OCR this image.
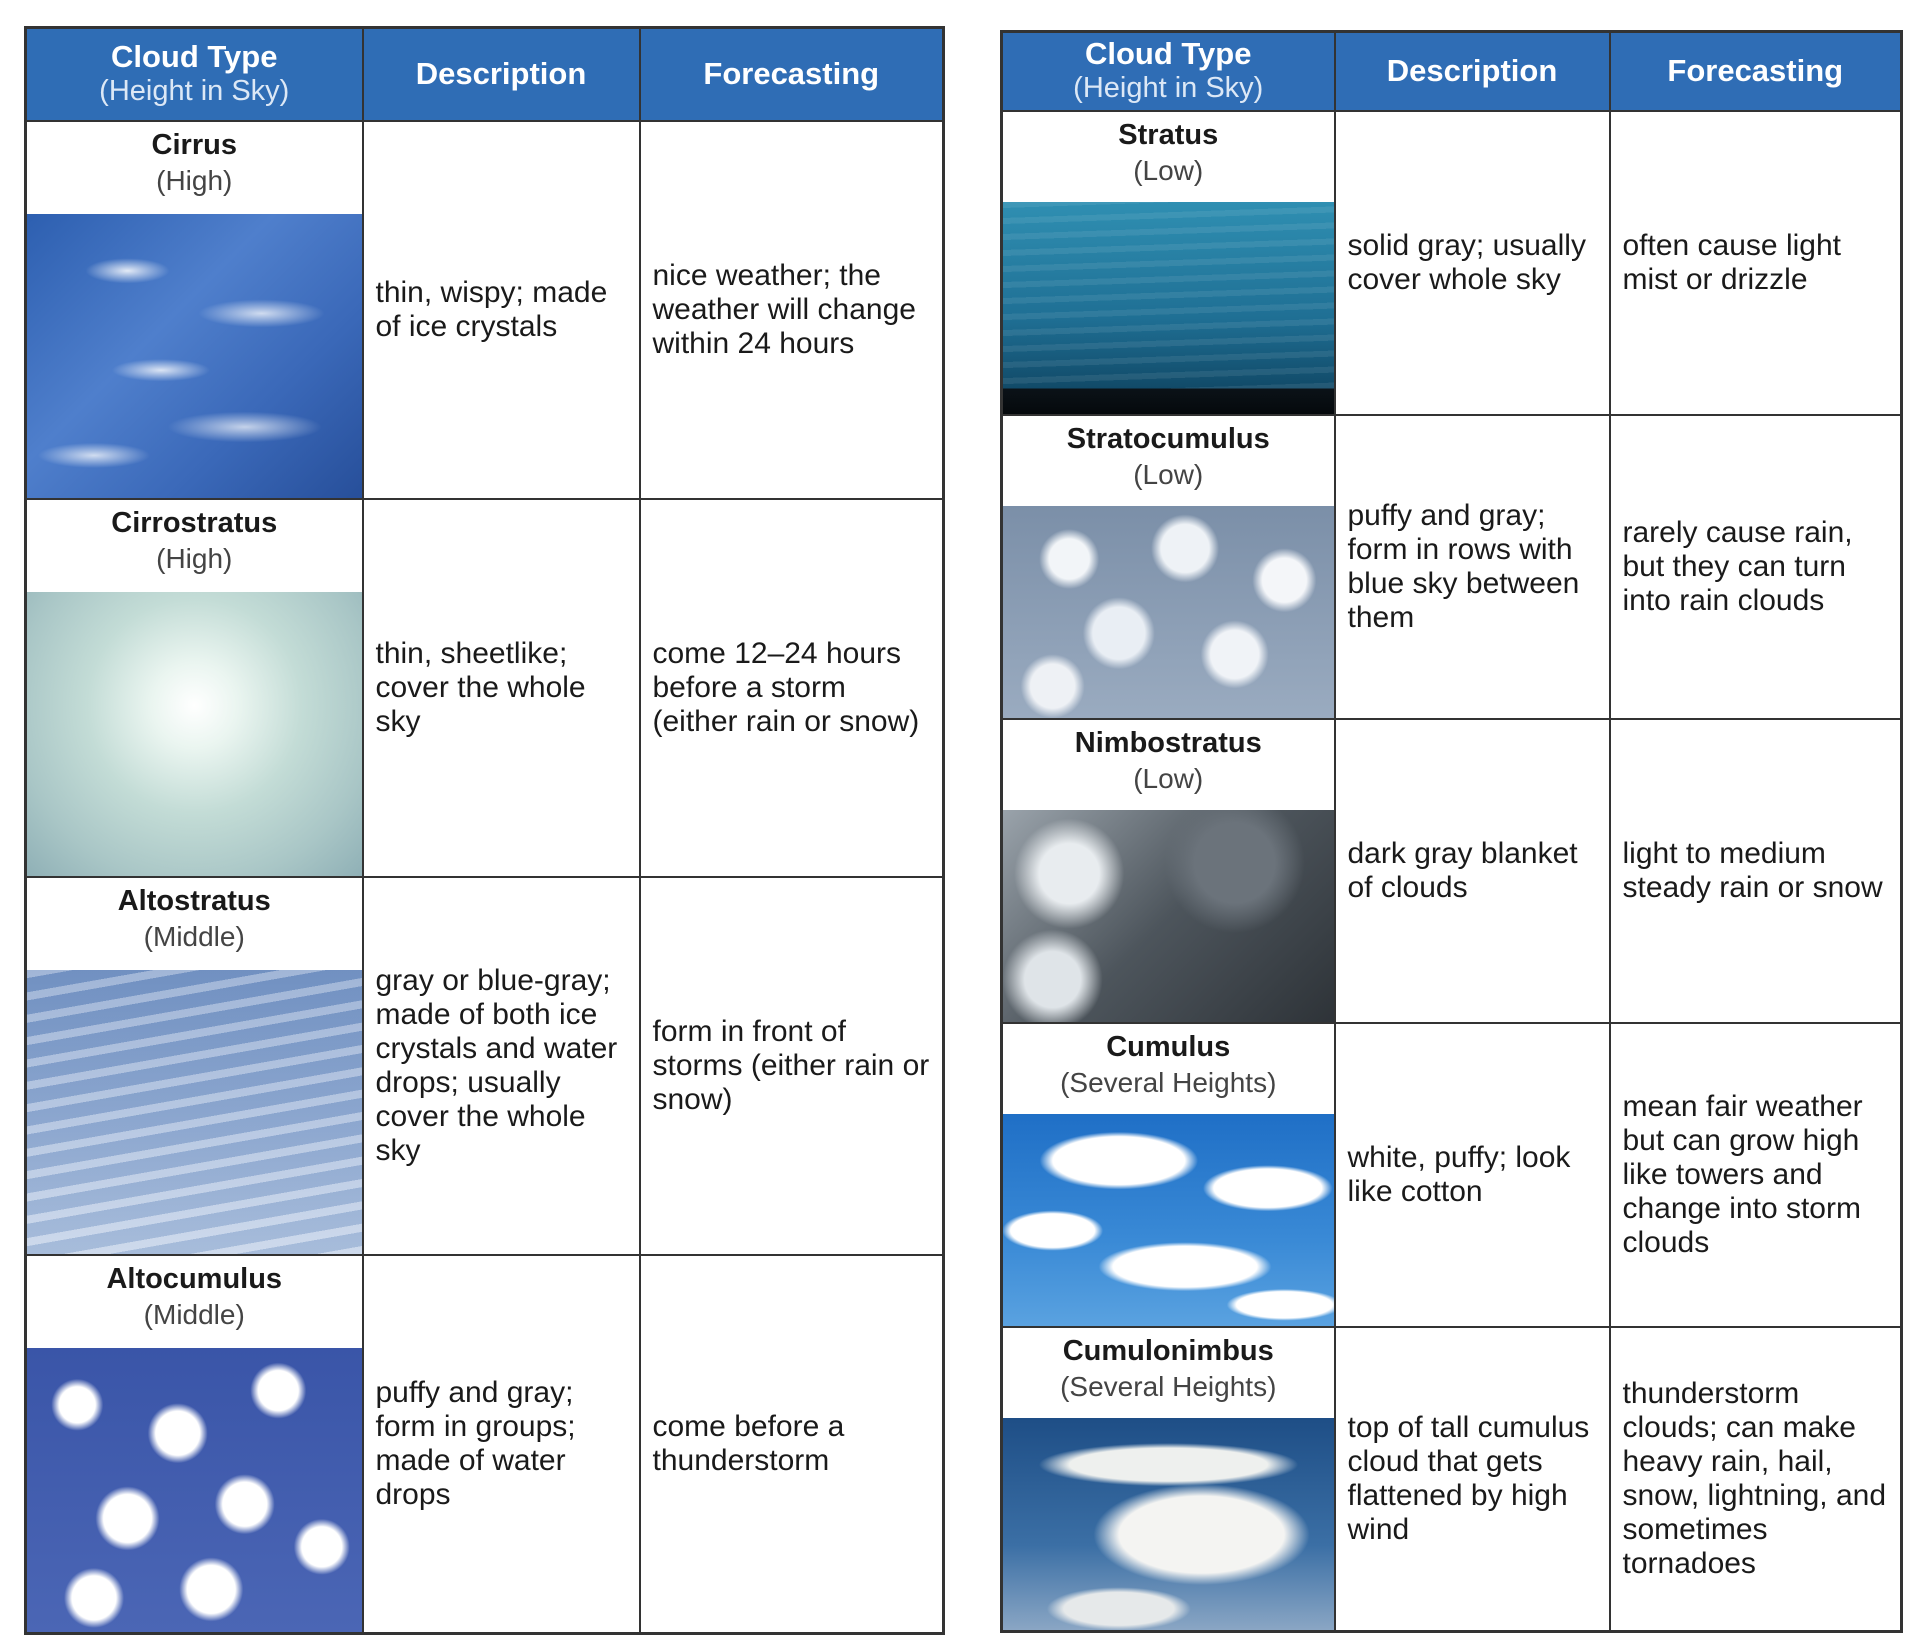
Cloud Type
(Height in Sky)	Description	Forecasting

Cirrus
(High)	thin, wispy; made of ice crystals	nice weather; the weather will change within 24 hours

Cirrostratus
(High)	thin, sheetlike; cover the whole sky	come 12–24 hours before a storm (either rain or snow)

Altostratus
(Middle)	gray or blue-gray; made of both ice crystals and water drops; usually cover the whole sky	form in front of storms (either rain or snow)

Altocumulus
(Middle)	puffy and gray; form in groups; made of water drops	come before a thunderstorm
Cloud Type
(Height in Sky)	Description	Forecasting

Stratus
(Low)	solid gray; usually cover whole sky	often cause light mist or drizzle

Stratocumulus
(Low)	puffy and gray; form in rows with blue sky between them	rarely cause rain, but they can turn into rain clouds

Nimbostratus
(Low)	dark gray blanket of clouds	light to medium steady rain or snow

Cumulus
(Several Heights)	white, puffy; look like cotton	mean fair weather but can grow high like towers and change into storm clouds

Cumulonimbus
(Several Heights)	top of tall cumulus cloud that gets flattened by high wind	thunderstorm clouds; can make heavy rain, hail, snow, lightning, and sometimes tornadoes
